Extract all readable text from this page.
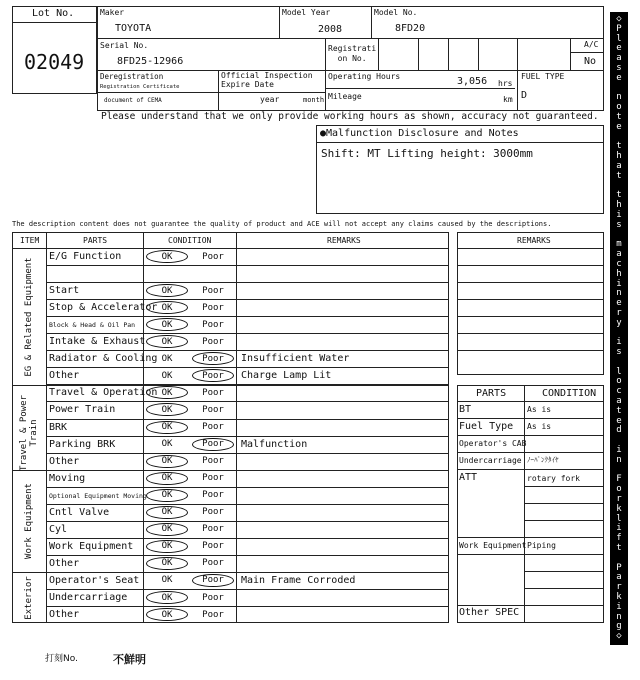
Lot No.
02049
Maker
TOYOTA
Model Year
2008
Model No.
8FD20
Serial No.
8FD25-12966
Registrati
on No.
A/C
No
Deregistration
Registration Certificate
document of CEMA
Official Inspection
Expire Date
year	month
Operating Hours	3,056 hrs
Mileage	km
FUEL TYPE
D
Please understand that we only provide working hours as shown, accuracy not guaranteed.
●Malfunction Disclosure and Notes
Shift: MT Lifting height: 3000mm
The description content does not guarantee the quality of product and ACE will not accept any claims caused by the descriptions.
ITEM	PARTS	CONDITION	REMARKS
EG & Related Equipment
Travel & Power Train
Work Equipment
Exterior
E/G Function	OK	Poor
Start	OK	Poor
Stop & Accelerator OK	Poor
Block & Head & Oil Pan	OK	Poor
Intake & Exhaust	OK	Poor
Radiator & Cooling OK	Poor	Insufficient Water
Other	OK	Poor	Charge Lamp Lit
Travel & Operation OK	Poor
Power Train	OK	Poor
BRK	OK	Poor
Parking BRK	OK	Poor	Malfunction
Other	OK	Poor
Moving	OK	Poor
Optional Equipment Moving	OK	Poor
Cntl Valve	OK	Poor
Cyl	OK	Poor
Work Equipment	OK	Poor
Other	OK	Poor
Operator's Seat	OK	Poor	Main Frame Corroded
Undercarriage	OK	Poor
Other	OK	Poor
REMARKS
PARTS	CONDITION
BT	As is
Fuel Type As is
Operator's CAB
Undercarriage ﾉｰﾊﾟﾝｸﾀｲﾔ
ATT	rotary fork
Work Equipment Piping
Other SPEC
◇
P
l
e
a
s
e

n
o
t
e

t
h
a
t

t
h
i
s

m
a
c
h
i
n
e
r
y

i
s

l
o
c
a
t
e
d

i
n

F
o
r
k
l
i
f
t

P
a
r
k
i
n
g
◇
打刻No.	不鮮明
